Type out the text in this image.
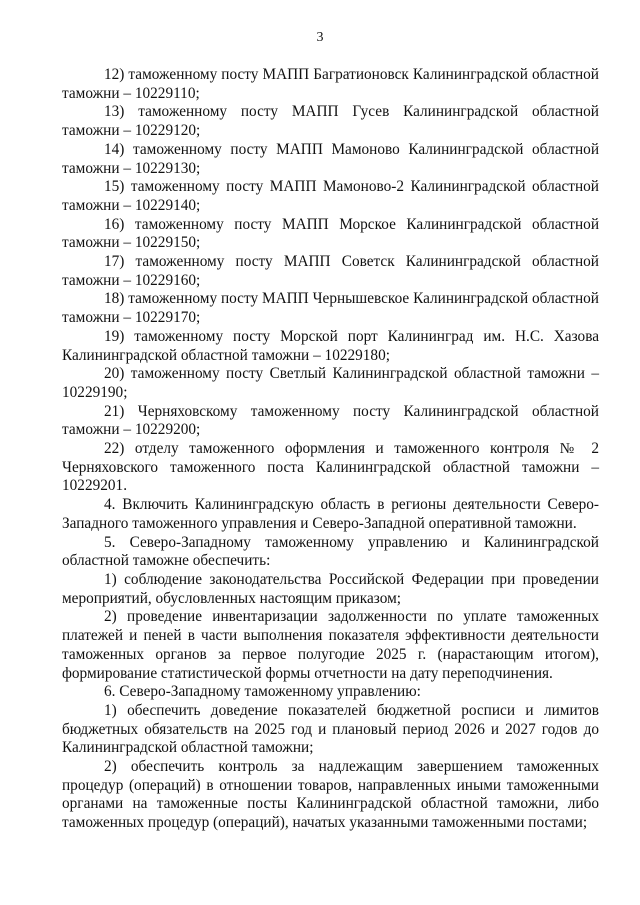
3

12) таможенному посту МАПП Багратионовск Калининградской областной таможни – 10229110;

13) таможенному посту МАПП Гусев Калининградской областной таможни – 10229120;

14) таможенному посту МАПП Мамоново Калининградской областной таможни – 10229130;

15) таможенному посту МАПП Мамоново-2 Калининградской областной таможни – 10229140;

16) таможенному посту МАПП Морское Калининградской областной таможни – 10229150;

17) таможенному посту МАПП Советск Калининградской областной таможни – 10229160;

18) таможенному посту МАПП Чернышевское Калининградской областной таможни – 10229170;

19) таможенному посту Морской порт Калининград им. Н.С. Хазова Калининградской областной таможни – 10229180;

20) таможенному посту Светлый Калининградской областной таможни – 10229190;

21) Черняховскому таможенному посту Калининградской областной таможни – 10229200;

22) отделу таможенного оформления и таможенного контроля № 2 Черняховского таможенного поста Калининградской областной таможни – 10229201.

4. Включить Калининградскую область в регионы деятельности Северо-Западного таможенного управления и Северо-Западной оперативной таможни.

5. Северо-Западному таможенному управлению и Калининградской областной таможне обеспечить:

1) соблюдение законодательства Российской Федерации при проведении мероприятий, обусловленных настоящим приказом;

2) проведение инвентаризации задолженности по уплате таможенных платежей и пеней в части выполнения показателя эффективности деятельности таможенных органов за первое полугодие 2025 г. (нарастающим итогом), формирование статистической формы отчетности на дату переподчинения.

6. Северо-Западному таможенному управлению:

1) обеспечить доведение показателей бюджетной росписи и лимитов бюджетных обязательств на 2025 год и плановый период 2026 и 2027 годов до Калининградской областной таможни;

2) обеспечить контроль за надлежащим завершением таможенных процедур (операций) в отношении товаров, направленных иными таможенными органами на таможенные посты Калининградской областной таможни, либо таможенных процедур (операций), начатых указанными таможенными постами;
